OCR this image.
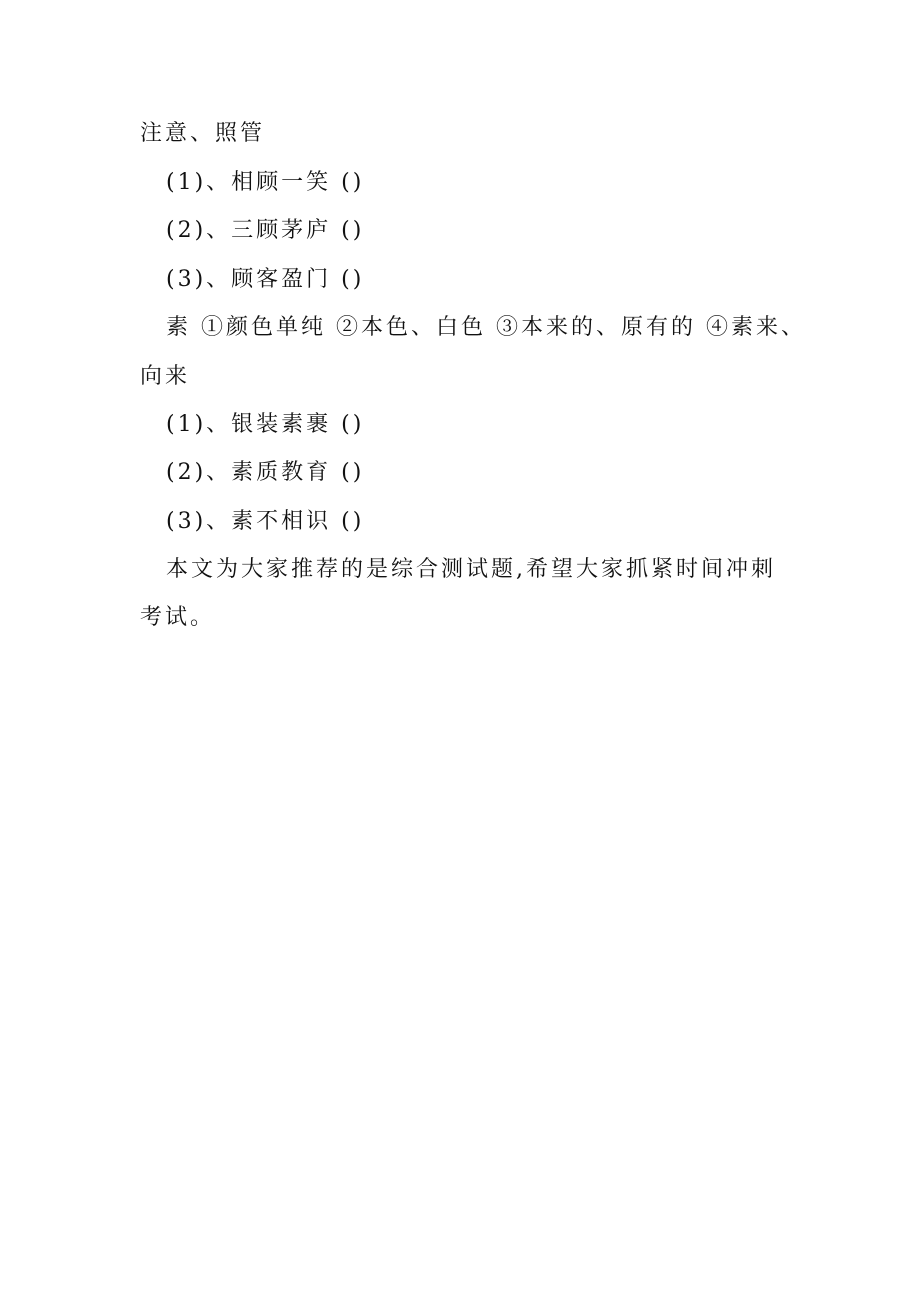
注意、照管
(1)、相顾一笑 ()
(2)、三顾茅庐 ()
(3)、顾客盈门 ()
素 ①颜色单纯 ②本色、白色 ③本来的、原有的 ④素来、
向来
(1)、银装素裹 ()
(2)、素质教育 ()
(3)、素不相识 ()
本文为大家推荐的是综合测试题,希望大家抓紧时间冲刺
考试。
